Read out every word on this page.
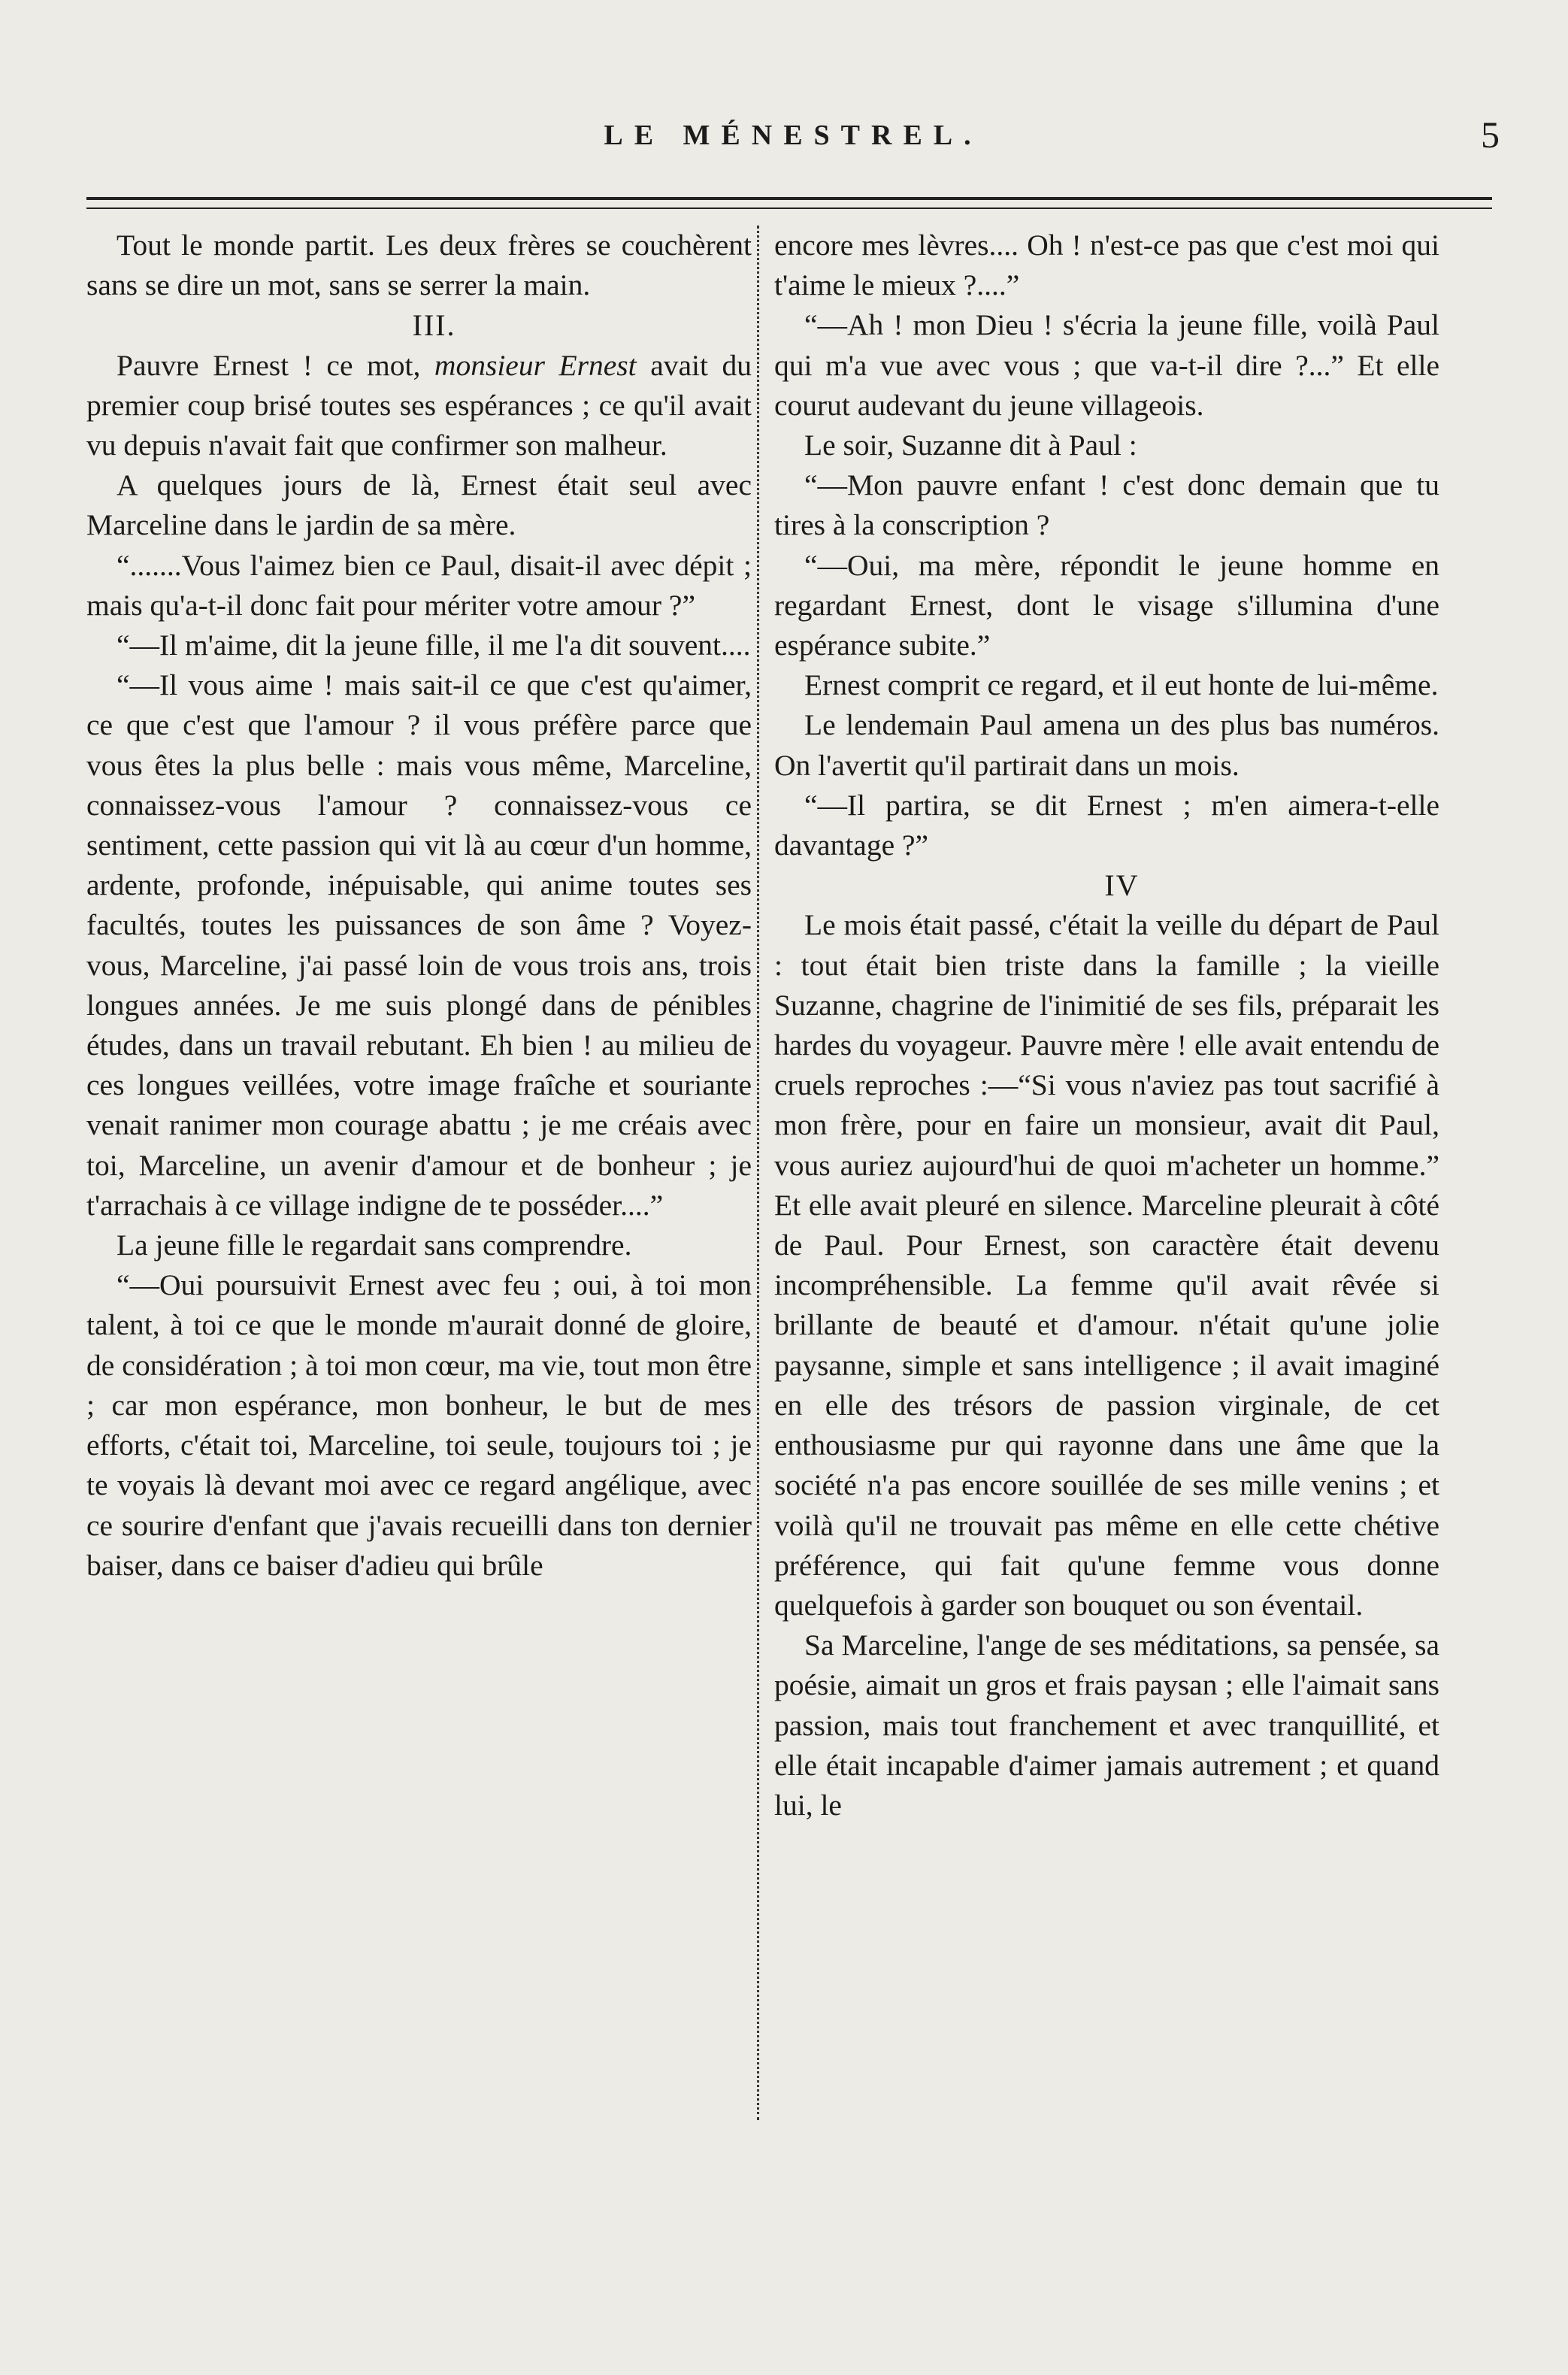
LE MÉNESTREL.	5

Tout le monde partit. Les deux frères se couchèrent sans se dire un mot, sans se serrer la main.

III.

Pauvre Ernest ! ce mot, monsieur Ernest avait du premier coup brisé toutes ses espérances ; ce qu'il avait vu depuis n'avait fait que confirmer son malheur.

A quelques jours de là, Ernest était seul avec Marceline dans le jardin de sa mère.

“.......Vous l'aimez bien ce Paul, disait-il avec dépit ; mais qu'a-t-il donc fait pour mériter votre amour ?”

“—Il m'aime, dit la jeune fille, il me l'a dit souvent....

“—Il vous aime ! mais sait-il ce que c'est qu'aimer, ce que c'est que l'amour ? il vous préfère parce que vous êtes la plus belle : mais vous même, Marceline, connaissez-vous l'amour ? connaissez-vous ce sentiment, cette passion qui vit là au cœur d'un homme, ardente, profonde, inépuisable, qui anime toutes ses facultés, toutes les puissances de son âme ? Voyez-vous, Marceline, j'ai passé loin de vous trois ans, trois longues années. Je me suis plongé dans de pénibles études, dans un travail rebutant. Eh bien ! au milieu de ces longues veillées, votre image fraîche et souriante venait ranimer mon courage abattu ; je me créais avec toi, Marceline, un avenir d'amour et de bonheur ; je t'arrachais à ce village indigne de te posséder....”

La jeune fille le regardait sans comprendre.

“—Oui poursuivit Ernest avec feu ; oui, à toi mon talent, à toi ce que le monde m'aurait donné de gloire, de considération ; à toi mon cœur, ma vie, tout mon être ; car mon espérance, mon bonheur, le but de mes efforts, c'était toi, Marceline, toi seule, toujours toi ; je te voyais là devant moi avec ce regard angélique, avec ce sourire d'enfant que j'avais recueilli dans ton dernier baiser, dans ce baiser d'adieu qui brûle

encore mes lèvres.... Oh ! n'est-ce pas que c'est moi qui t'aime le mieux ?....”

“—Ah ! mon Dieu ! s'écria la jeune fille, voilà Paul qui m'a vue avec vous ; que va-t-il dire ?...” Et elle courut audevant du jeune villageois.

Le soir, Suzanne dit à Paul :

“—Mon pauvre enfant ! c'est donc demain que tu tires à la conscription ?

“—Oui, ma mère, répondit le jeune homme en regardant Ernest, dont le visage s'illumina d'une espérance subite.”

Ernest comprit ce regard, et il eut honte de lui-même.

Le lendemain Paul amena un des plus bas numéros. On l'avertit qu'il partirait dans un mois.

“—Il partira, se dit Ernest ; m'en aimera-t-elle davantage ?”

IV

Le mois était passé, c'était la veille du départ de Paul : tout était bien triste dans la famille ; la vieille Suzanne, chagrine de l'inimitié de ses fils, préparait les hardes du voyageur. Pauvre mère ! elle avait entendu de cruels reproches :—“Si vous n'aviez pas tout sacrifié à mon frère, pour en faire un monsieur, avait dit Paul, vous auriez aujourd'hui de quoi m'acheter un homme.” Et elle avait pleuré en silence. Marceline pleurait à côté de Paul. Pour Ernest, son caractère était devenu incompréhensible. La femme qu'il avait rêvée si brillante de beauté et d'amour. n'était qu'une jolie paysanne, simple et sans intelligence ; il avait imaginé en elle des trésors de passion virginale, de cet enthousiasme pur qui rayonne dans une âme que la société n'a pas encore souillée de ses mille venins ; et voilà qu'il ne trouvait pas même en elle cette chétive préférence, qui fait qu'une femme vous donne quelquefois à garder son bouquet ou son éventail.

Sa Marceline, l'ange de ses méditations, sa pensée, sa poésie, aimait un gros et frais paysan ; elle l'aimait sans passion, mais tout franchement et avec tranquillité, et elle était incapable d'aimer jamais autrement ; et quand lui, le
